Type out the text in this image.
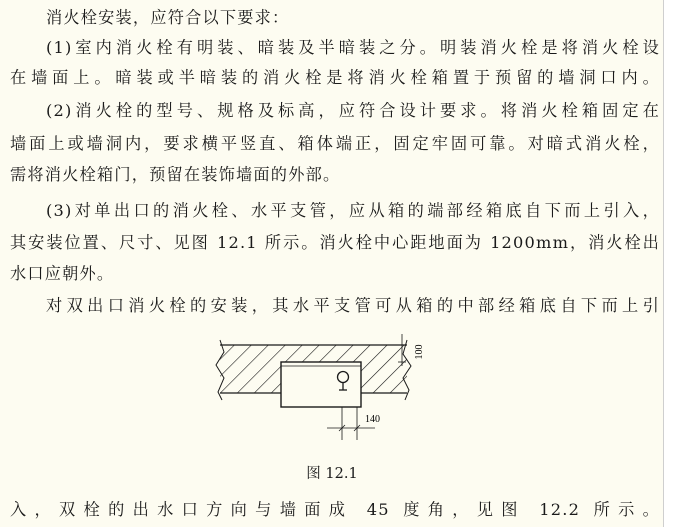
消火栓安装，应符合以下要求：
(1)室内消火栓有明装、暗装及半暗装之分。明装消火栓是将消火栓设
在墙面上。暗装或半暗装的消火栓是将消火栓箱置于预留的墙洞口内。
(2)消火栓的型号、规格及标高，应符合设计要求。将消火栓箱固定在
墙面上或墙洞内，要求横平竖直、箱体端正，固定牢固可靠。对暗式消火栓，
需将消火栓箱门，预留在装饰墙面的外部。
(3)对单出口的消火栓、水平支管，应从箱的端部经箱底自下而上引入，
其安装位置、尺寸、见图 12.1 所示。消火栓中心距地面为 1200mm，消火栓出
水口应朝外。
对双出口消火栓的安装，其水平支管可从箱的中部经箱底自下而上引
100
140
图 12.1
入，双栓的出水口方向与墙面成 45 度角，见图 12.2 所示。
